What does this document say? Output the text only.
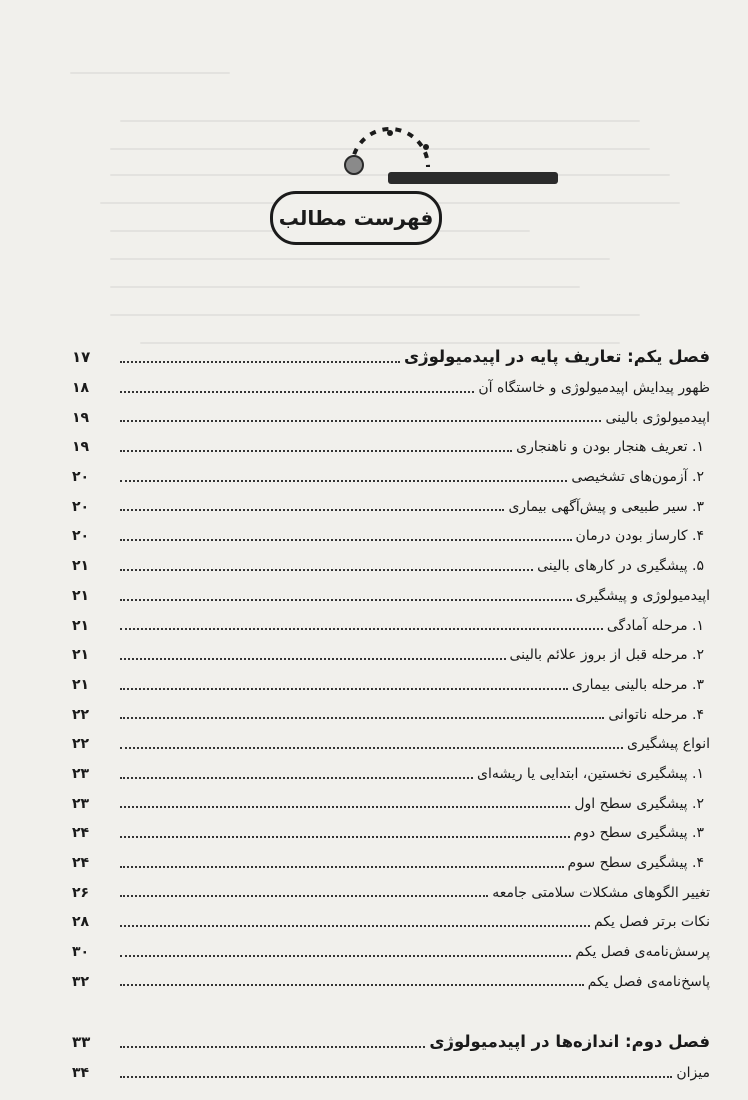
فهرست مطالب
۱۷	فصل یکم: تعاریف پایه در اپیدمیولوژی
۱۸	ظهور پیدایش اپیدمیولوژی و خاستگاه آن
۱۹	اپیدمیولوژی بالینی
۱۹	۱. تعریف هنجار بودن و ناهنجاری
۲۰	۲. آزمون‌های تشخیصی
۲۰	۳. سیر طبیعی و پیش‌آگهی بیماری
۲۰	۴. کارساز بودن درمان
۲۱	۵. پیشگیری در کارهای بالینی
۲۱	اپیدمیولوژی و پیشگیری
۲۱	۱. مرحله آمادگی
۲۱	۲. مرحله قبل از بروز علائم بالینی
۲۱	۳. مرحله بالینی بیماری
۲۲	۴. مرحله ناتوانی
۲۲	انواع پیشگیری
۲۳	۱. پیشگیری نخستین، ابتدایی یا ریشه‌ای
۲۳	۲. پیشگیری سطح اول
۲۴	۳. پیشگیری سطح دوم
۲۴	۴. پیشگیری سطح سوم
۲۶	تغییر الگوهای مشکلات سلامتی جامعه
۲۸	نکات برتر فصل یکم
۳۰	پرسش‌نامه‌ی فصل یکم
۳۲	پاسخ‌نامه‌ی فصل یکم
۳۳	فصل دوم: اندازه‌ها در اپیدمیولوژی
۳۴	میزان
